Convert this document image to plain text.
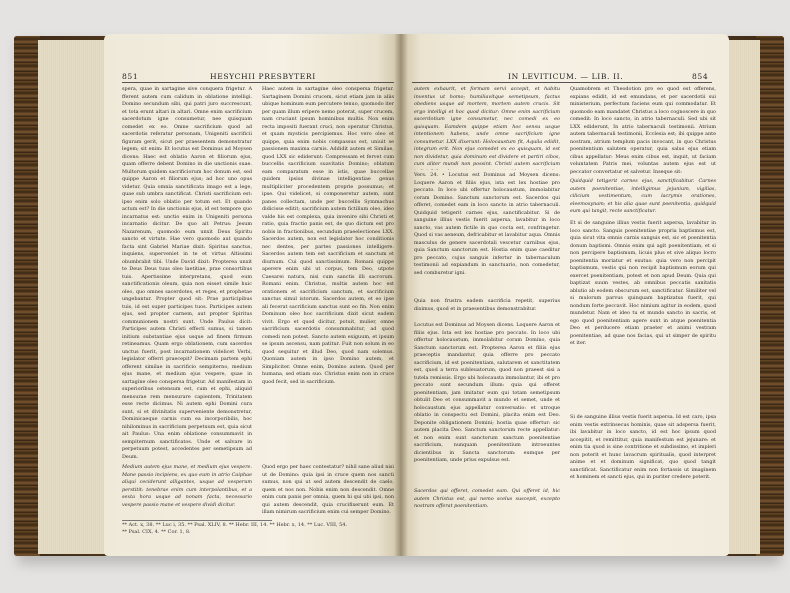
851	HESYCHII PRESBYTERI

spera, quae in sartagine sive conquera frigetur. A fferent autem cum calidum in oblatione intelligi. Domino secundum sibi, qui patri juro succrescunt, et tota erunt altari in altari. Omne enim sacrificium sacerdotum igne consumetur, nee quisquam comedet ex eo. Omne sacrificium quod ad sacerdotis referatur personam, Unigeniti sacrificii figuram gerit, sicut per praesentem demonstratur legem; sit enim: Et locutus est Dominus ad Moysen dicens: Haec est oblatio Aaron et filiorum ejus, quam offerre debent Domino in die unctionis suae. Multorum quidem sacrificiorum hoc donum est, sed quippe Aaron et filiorum ejus; ad hoc uno opus videtur. Quia omnia sanctificata imago est a lege, quae sub umbra sanctificat. Christi sacrificium est: ipso enim solo oblatio per totum est. Et quando actum est? In die unctionis ejus, id est tempore quo incarnatus est: unctio enim in Unigeniti persona incarnatio dicitur. De quo ait Petrus: Jesum Nazarenum, quomodo eum unxit Deus Spiritu sancto et virtute. Hae vero quomodo aut quando facta sint Gabriel Mariae dixit: Spiritus sanctus, inquiens, superveniet in te et virtus Altissimi obumbrabit tibi. Unde David dixit: Propterea unxit te Deus Deus tuus oleo laetitiae, prae consortibus tuis. Apertissime interpretans, quod eum sanctificationis oleum, quia non eisset simile huic oleo, quo omnes sacerdotes, et reges, et prophetae ungebantur. Propter quod sit: Prae participibus tuis, id est super participes tuos. Participes autem ejus, sed propter carnem, aut propter Spiritus communionem nostri sunt. Unde Paulus dicit: Participes autem Christi effecti sumus, si tamen initium substantiae ejus usque ad finem firmum retineamus. Quam ergo oblationem, cum sacerdos unctus fuerit, post incarnationem videlicet Verbi, legislator offerri praecepit? Decimam partem ephi offerent similae in sacrificio sempiterno, medium ejus mane, et medium ejus vespere, quae in sartagine oleo conspersa frigetur. Ad manifestam in superioribus ostensum est, cum et ephi, aliquid mensurae rem mensurare capientem, Trinitatem esse recte dicimus. Ni autem ephi Domini cura sunt, si et divinitatis superveniente demonstretur, Dominicaeque carnis cum ea incorporibilis, hoc nihilominus in sacrificium perpetuum est, quia sicut ait Paulus: Una enim oblatione consummavit in sempiternum sanctificatos. Unde et salvare in perpetuum potest, accedentes per semetipsum ad Deum.

Medium autem ejus mane, et medium ejus vespere. Mane passio incipiens, ex quo eum in atrio Caiphae aliqui ceciderunt alligantes, usque ad vesperum perstitit: tenebrae enim cum interpolantibus, et a sexta hora usque ad nonam facta, necessario vespere passio mane et vespere dividi dicitur.

Haec autem in sartagine oleo conspersa frigetur. Sartaginem Domini crucem, sicut etiam jam in aliis ubique hominum eum percutere tenuo, quomodo iter per quam illum eripere nemo poterat, super crucem, nam cruciant ipsum hominibus multis. Non enim recta impositi fuerant cruci, non operatur Christus, et quam mysticis percipiemus. Hoc vero oleo et quippe, quia enim nobis compassus est, uniuit se passionem maxima carnis. Addidit autem et Similae, quod LXX sic ediderunt: Compressam et fervet cum buccellis sacrificium suavitatis Domino; oblatum eam comparatum esse in istis, quae buccellae quidem ipsius divinae intelligentiae genus multipliciter procedentem proprie possumus; et ipse. Qui videlicet, si componeretur autem, sunt panes collectam, unde per buccellis Symmachus didicisse editit; sacrificium autem fictilium oleo, ideo valde his est complexa, quia invenire sibi Christi et ratio, quia fractio panis est, de quo dictum est pro nobis in fractionibus, secundum praeelectiones LXX. Sacerdos autem, non est legislator hoc conditionis nec dentes, per partes passiones intelligere. Sacerdos autem tem est sacrificium et sanctum et diurnum. Cui quod sanctissimum. Romani quippe aperere enim ubi ut corpus, tem Deo, utpote Caesarei natura, nisi cum sanctis illi sacrorum. Romani enim. Christus, multis autem hoc est orationem et sacrificium sanctum, et sacrificium sanctus simul istorum. Sacerdos autem, et eo ipse ali fecerat sacrificium sanctus sunt eo fin. Non enim Dominum oleo hoc sacrificium dixit sicut eadem vivit. Ergo et quod dicitur, potuit, mulier, omne sacrificium sacerdotis consummabitur, ad quod comedi non potest. Sancto autem exiguum, et ipsum se ipsum ascensu, nam patitur. Fuit non solum in eo quod sequitur et illud Deo, quod nam solemus. Quoniam autem in ipso Domino autem, et Simpliciter. Omne enim, Domino autem. Quod per humana, sed etiam suo. Christus enim non in cruce quod fecit, sed in sacrificium.

Quod ergo per haec contestatur? nihil sane aliud nisi ut de Domino: quia ipsi in cruce quem nos sancti sumus, non qui ut sed autem descendit de caelo, quem et nos non. Nobis enim non descendit. Omne enim cum panis per omnia, quem hi qui ubi ipsi, non qui autem descendit, quia crucifixerunt eum. Et illam nimirum sacrificium enim cui semper Domino.

** Act. x, 38. ** Luc i, 35. ** Psal. XLIV, 8. ** Hebr. III, 14. ** Hebr. x, 14. ** Luc. VIII, 54.
** Psal. CIX, 4. ** Cor. 1, 8.
IN LEVITICUM. — LIB. II.	854

autem exhaurit, et formam servi accepit, et habitu inventus ut homo; humiliavitque semetipsum, factus obediens usque ad mortem, mortem autem crucis. Sit ergo intelligi et hoc quod dicitur: Omne enim sacrificium sacerdotium igne consumetur, nec comedi ex eo quisquam. Eamdem quippe etiam hoc sensu usque intentionem habens, unde omne sacrificium igne consumetur. LXX dixerunt: Holocaustum fit, Aquila edidit, integrum erit. Non ejus comedet ex eo quisquam, id est non dividetur, quia dominum est dividere et partiri cibos, cum aliter mundi non possint. Christi autem sacrificium

Vers. 24. • Locutus est Dominus ad Moysen dicens: Loquere Aaron et filiis ejus, ista est lex hostiae pro peccato. In loco ubi offertur holocaustum, immolabitur coram Domino. Sanctum sanctorum est. Sacerdos qui offeret, comedet eam in loco sancto in atrio tabernaculi. Quidquid tetigerit carnes ejus, sanctificabitur. Si de sanguine illius vestis fuerit aspersa, lavabitur in loco sancto, vas autem fictile in quo cocta est, confringetur. Quod si vas aeneum, defricabitur et lavabitur aqua. Omnis masculus de genere sacerdotali vescetur carnibus ejus, quia Sanctum sanctorum est. Hostia enim quae caeditur pro peccato, cujus sanguis infertur in tabernaculum testimonii ad expiandum in sanctuario, non comedetur, sed comburetur igni.

Quia non frustra eadem sacrificia repetit, superius diximus, quod et in praesentibus demonstrabitur.

Locutus est Dominus ad Moysen dicens. Loquere Aaron et filiis ejus. Ista est lex hostiae pro peccato. In loco ubi offertur holocaustum, immolabitur coram Domino, quia Sanctum sanctorum est. Propterea Aaron et filiis ejus praeceptis mandantur, quia offerre pro peccato sacrificium, id est poenitentiam, salutarem et sanctitatem est, quod a terra subleuatorum, quod non praeest sisi a tutela remissis. Ergo ubi holocausta immolantur, ibi et pro peccato sunt secundum illum: quia qui offeret poenitentiam, jam imitatur eum qui totam semetipsum obtulit Deo et consummavit a mundo et semet, unde et holocaustum ejus appellatur conversatio: et utroque oblatio in conspectu est Domini, placita enim est Deo. Deponite obligationem Domini; hostia quae offertur: sic autem placita Deo. Sanctum sanctorum recte appellatur: et non enim sunt sanctorum sanctum poenitentiae sacrificium, nunquam poenitentium introeuntes dicientibus in Sancta sanctorum: eumque per poenitentiam, unde prius expulsus est.

Sacerdos qui offeret, comedet eam. Qui offeret id, hic autem Christus est, qui nemo scelus suscepit, excepto nostram offerat poenitentiam.

Quamobrem et Theodotion pro eo quod est offerens, expians edidit, id est emundans, et per sacerdotii sui ministerium, perfectum faciens eum qui commodatur. Et quomodo eam mandatet Christus a loco cognoscere in quo comedit: In loco sancto, in atrio tabernaculi. Sed ubi sit LXX ediderunt, In atrio tabernaculi testimonii. Atrium autem tabernaculi testimonii, Ecclesia est; ibi quippe ante nostram, atrium templum pacis invocant, in quo Christus poenitentium salutem operatur, quia salus ejus etiam cibus appellatur: Meus enim cibus est, inquit, ut faciam voluntatem Patris mei, voluntas autem ejus est ut peccator convertatur et salvetur. Inseque sit:

Quidquid tetigerit carnes ejus, sanctificabitur. Carnes autem poenitentiae, intelligimus jejunium, vigilias, cilicium vestimentum, cum lacrymis orationes, eleemosynam; et his alia quae sunt poenitentia, quidquid eum qui tangit, recte sanctificatur.

Et si de sanguine illius vestis fuerit aspersa, lavabitur in loco sancto. Sanguis poenitentiae propria baptismus est, quia sicut vita omnis carnis sanguis est, sic et poenitentia donum baptismi. Omnis enim qui agit poenitentiam, et si non percipere baptismum, licuis plus et sive aliquo locro poenitentia moriatur et exutus: quia vero non percipit baptismum, vestis qui non recipit baptismum eorum qui exercet poenitentiam, potest et non apud Deum. Quia qui baptizat suum vestes, ab omnibus peccatis sanitatis ablutio ab eodem obscurum est, sanctificatur. Similiter vel si mulorum parvus quinquam baptizatus fuerit, qui nondum forte peccavit. Hoc nimium agitur in eodem, quod mundetur. Nam et ideo tu et mundo sancto in sacris, et ego quod poenitentiam agere sunt in atque poenitentia Deo et perducere etiam praeter et animi vestram poenitentiae, ad quae nos facias, qui ut simper de spiritu et iter.

Si de sanguine illius vestis fuerit aspersa. Id est caro, ipsa enim vestis extrinsecus hominis, quae sit adspersa fuerit, ibi lavabitur in loco sancto, id est hoc ipsum quod accepitit, et remittitur, quia manifestum est jejunare: et enim tia quod is sine contritione et subdissimo, et impleri non poterit et hunc lavacrum spiritualis, quod interpret anime et et dominum significat, quo quod tangit sanctificat. Sanctificatur enim non fortassis ut imaginem et hominem et sancti ejus, qui in puriter credere poterit.
